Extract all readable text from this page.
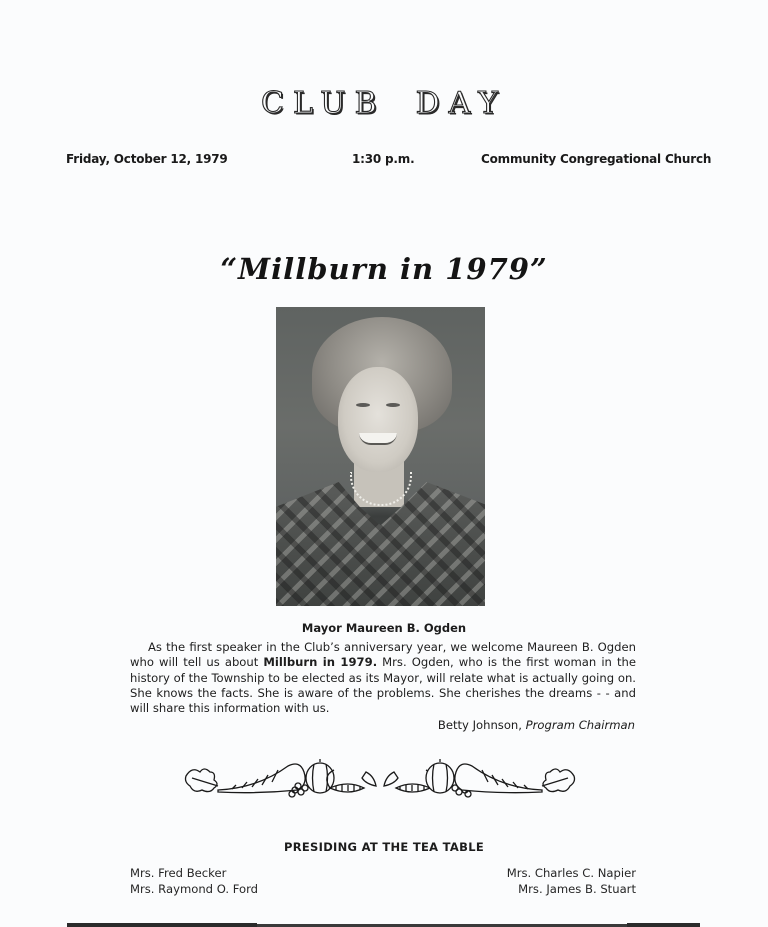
CLUB DAY
Friday, October 12, 1979	1:30 p.m.	Community Congregational Church
“Millburn in 1979”
Mayor Maureen B. Ogden
As the first speaker in the Club’s anniversary year, we welcome Maureen B. Ogden who will tell us about Millburn in 1979. Mrs. Ogden, who is the first woman in the history of the Township to be elected as its Mayor, will relate what is actually going on. She knows the facts. She is aware of the problems. She cherishes the dreams - - and will share this information with us.
Betty Johnson, Program Chairman
PRESIDING AT THE TEA TABLE
Mrs. Fred Becker
Mrs. Raymond O. Ford
Mrs. Charles C. Napier
Mrs. James B. Stuart
